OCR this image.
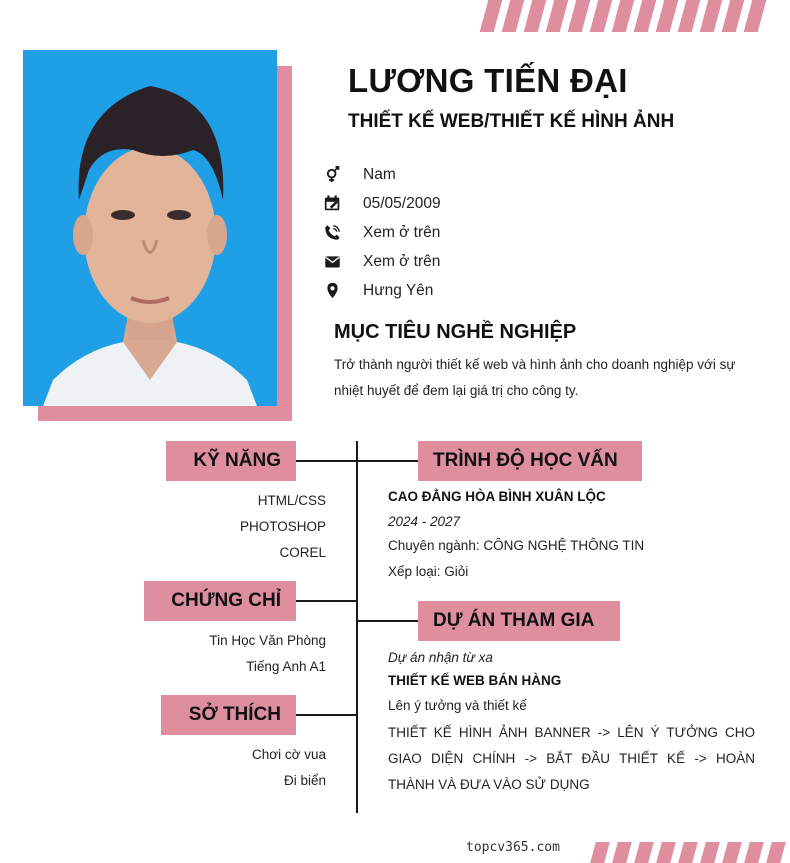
LƯƠNG TIẾN ĐẠI
THIẾT KẾ WEB/THIẾT KẾ HÌNH ẢNH
Nam
05/05/2009
Xem ở trên
Xem ở trên
Hưng Yên
MỤC TIÊU NGHỀ NGHIỆP
Trở thành người thiết kế web và hình ảnh cho doanh nghiệp với sự nhiệt huyết để đem lại giá trị cho công ty.
KỸ NĂNG
HTML/CSS
PHOTOSHOP
COREL
CHỨNG CHỈ
Tin Học Văn Phòng
Tiếng Anh A1
SỞ THÍCH
Chơi cờ vua
Đi biển
TRÌNH ĐỘ HỌC VẤN
CAO ĐẲNG HÒA BÌNH XUÂN LỘC
2024 - 2027
Chuyên ngành: CÔNG NGHỆ THÔNG TIN
Xếp loại: Giỏi
DỰ ÁN THAM GIA
Dự án nhận từ xa
THIẾT KẾ WEB BÁN HÀNG
Lên ý tưởng và thiết kế
THIẾT KẾ HÌNH ẢNH BANNER -> LÊN Ý TƯỞNG CHO GIAO DIỆN CHÍNH -> BẮT ĐẦU THIẾT KẾ -> HOÀN THÀNH VÀ ĐƯA VÀO SỬ DỤNG
topcv365.com
